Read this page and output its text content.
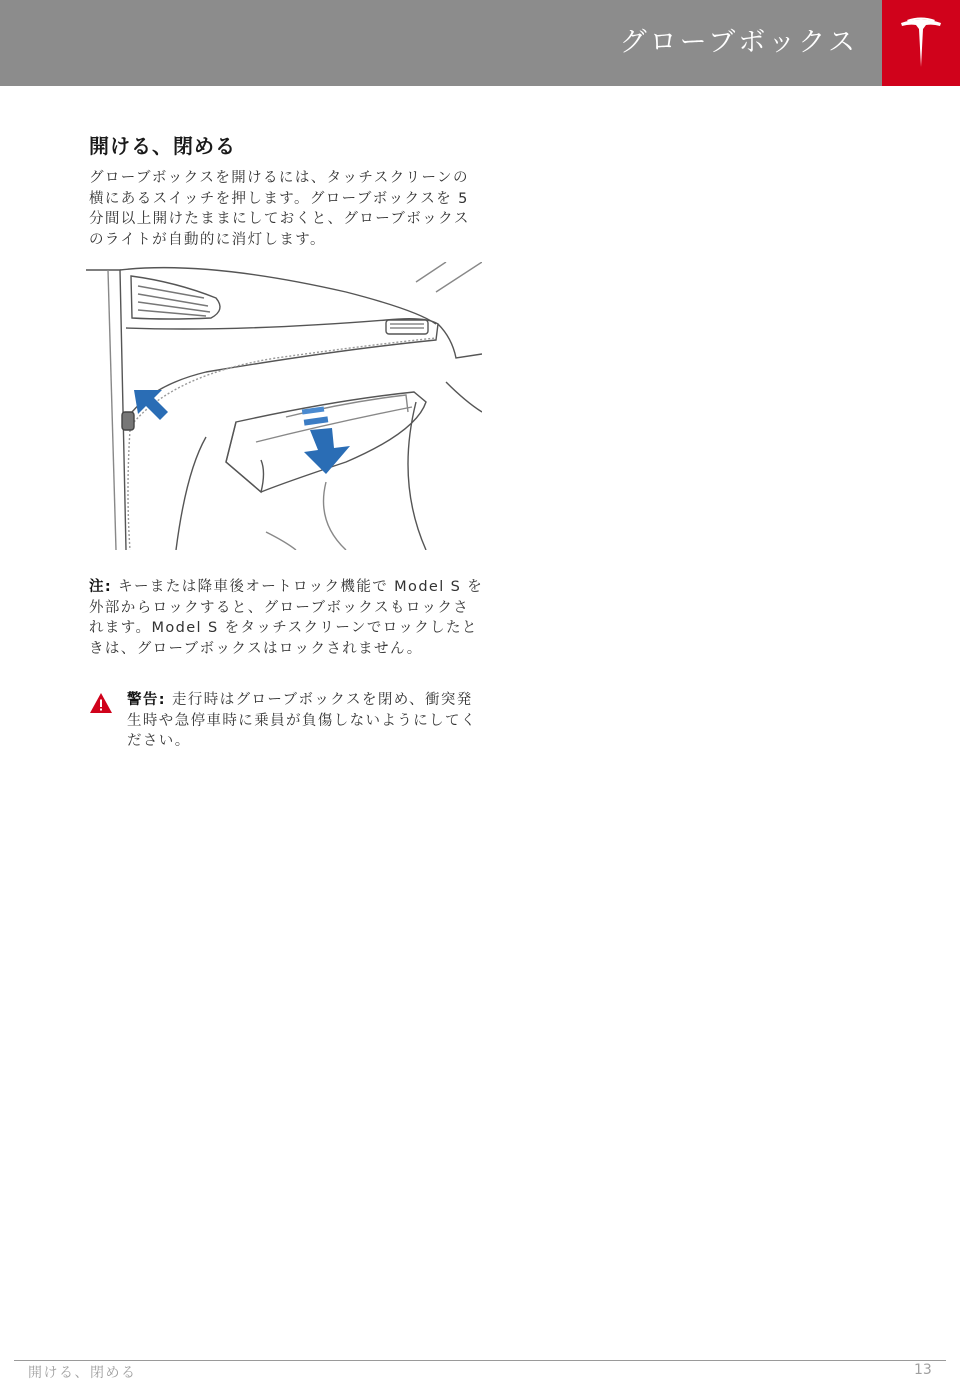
グローブボックス
開ける、閉める

グローブボックスを開けるには、タッチスクリーンの横にあるスイッチを押します。グローブボックスを 5 分間以上開けたままにしておくと、グローブボックスのライトが自動的に消灯します。

注: キーまたは降車後オートロック機能で Model S を外部からロックすると、グローブボックスもロックされます。Model S をタッチスクリーンでロックしたときは、グローブボックスはロックされません。

警告: 走行時はグローブボックスを閉め、衝突発生時や急停車時に乗員が負傷しないようにしてください。

開ける、閉める	13
